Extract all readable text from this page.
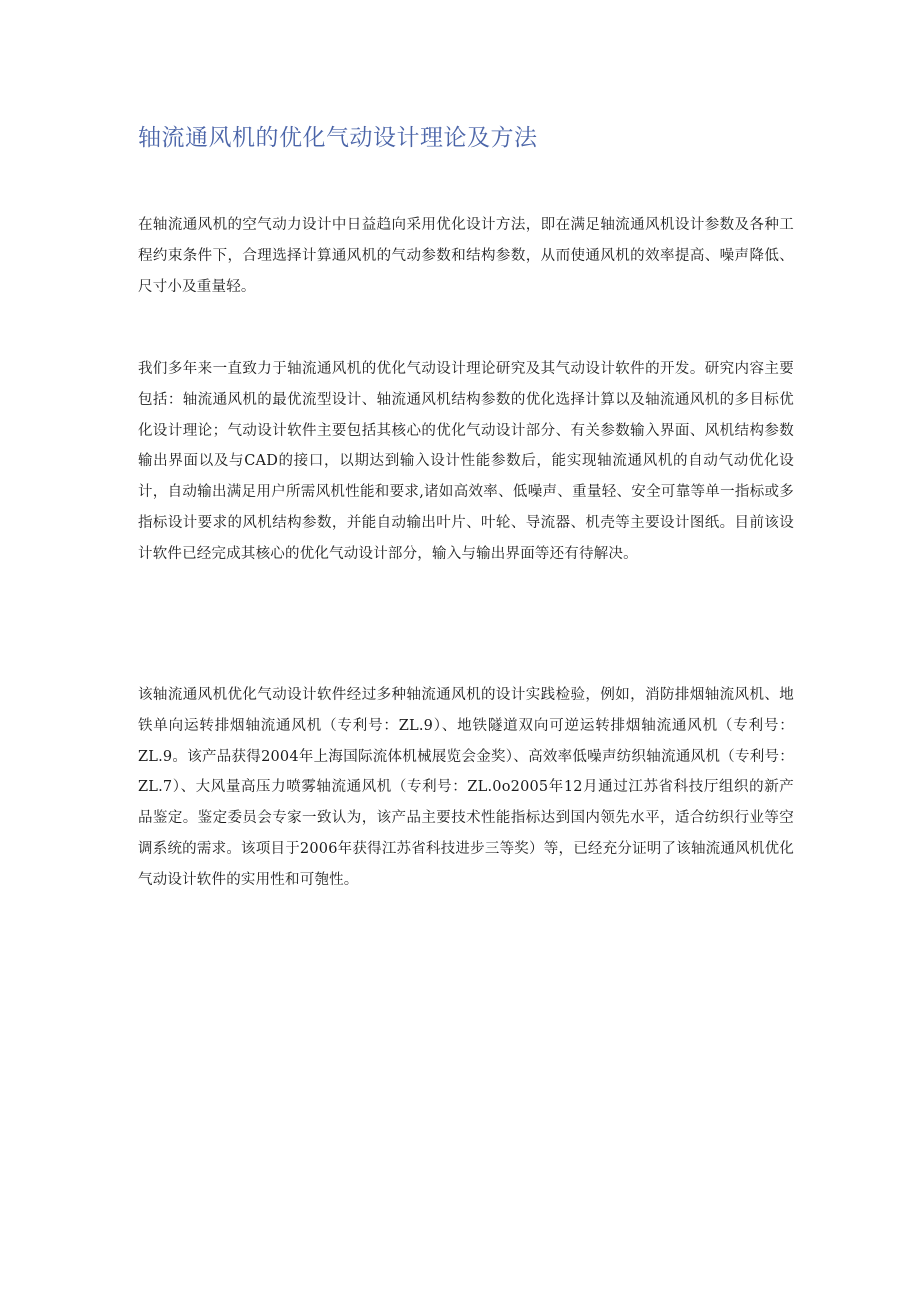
轴流通风机的优化气动设计理论及方法

在轴流通风机的空气动力设计中日益趋向采用优化设计方法，即在满足轴流通风机设计参数及各种工程约束条件下，合理选择计算通风机的气动参数和结构参数，从而使通风机的效率提高、噪声降低、尺寸小及重量轻。

我们多年来一直致力于轴流通风机的优化气动设计理论研究及其气动设计软件的开发。研究内容主要包括：轴流通风机的最优流型设计、轴流通风机结构参数的优化选择计算以及轴流通风机的多目标优化设计理论；气动设计软件主要包括其核心的优化气动设计部分、有关参数输入界面、风机结构参数输出界面以及与CAD的接口，以期达到输入设计性能参数后，能实现轴流通风机的自动气动优化设计，自动输出满足用户所需风机性能和要求,诸如高效率、低噪声、重量轻、安全可靠等单一指标或多指标设计要求的风机结构参数，并能自动输出叶片、叶轮、导流器、机壳等主要设计图纸。目前该设计软件已经完成其核心的优化气动设计部分，输入与输出界面等还有待解决。

该轴流通风机优化气动设计软件经过多种轴流通风机的设计实践检验，例如，消防排烟轴流风机、地铁单向运转排烟轴流通风机（专利号：ZL.9）、地铁隧道双向可逆运转排烟轴流通风机（专利号：ZL.9。该产品获得2004年上海国际流体机械展览会金奖）、高效率低噪声纺织轴流通风机（专利号：ZL.7）、大风量高压力喷雾轴流通风机（专利号：ZL.0o2005年12月通过江苏省科技厅组织的新产品鉴定。鉴定委员会专家一致认为，该产品主要技术性能指标达到国内领先水平，适合纺织行业等空调系统的需求。该项目于2006年获得江苏省科技进步三等奖）等，已经充分证明了该轴流通风机优化气动设计软件的实用性和可匏性。
